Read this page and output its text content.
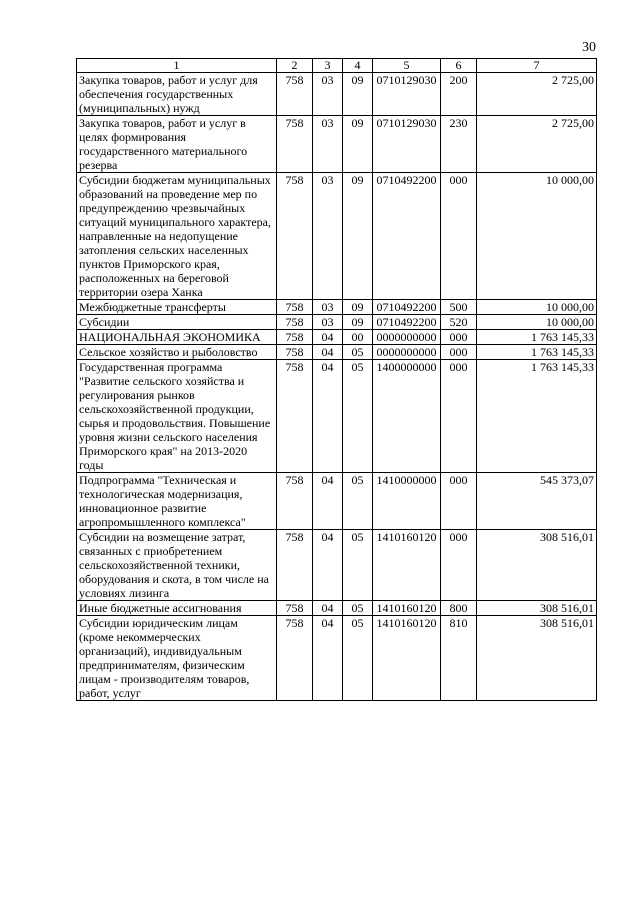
30
1	2	3	4	5	6	7
Закупка товаров, работ и услуг для обеспечения государственных (муниципальных) нужд	758	03	09	0710129030	200	2 725,00
Закупка товаров, работ и услуг в целях формирования государственного материального резерва	758	03	09	0710129030	230	2 725,00
Субсидии бюджетам муниципальных образований на проведение мер по предупреждению чрезвычайных ситуаций муниципального характера, направленные на недопущение затопления сельских населенных пунктов Приморского края, расположенных на береговой территории озера Ханка	758	03	09	0710492200	000	10 000,00
Межбюджетные трансферты	758	03	09	0710492200	500	10 000,00
Субсидии	758	03	09	0710492200	520	10 000,00
НАЦИОНАЛЬНАЯ ЭКОНОМИКА	758	04	00	0000000000	000	1 763 145,33
Сельское хозяйство и рыболовство	758	04	05	0000000000	000	1 763 145,33
Государственная программа "Развитие сельского хозяйства и регулирования рынков сельскохозяйственной продукции, сырья и продовольствия. Повышение уровня жизни сельского населения Приморского края" на 2013-2020 годы	758	04	05	1400000000	000	1 763 145,33
Подпрограмма "Техническая и технологическая модернизация, инновационное развитие агропромышленного комплекса"	758	04	05	1410000000	000	545 373,07
Субсидии на возмещение затрат, связанных с приобретением сельскохозяйственной техники, оборудования и скота, в том числе на условиях лизинга	758	04	05	1410160120	000	308 516,01
Иные бюджетные ассигнования	758	04	05	1410160120	800	308 516,01
Субсидии юридическим лицам (кроме некоммерческих организаций), индивидуальным предпринимателям, физическим лицам - производителям товаров, работ, услуг	758	04	05	1410160120	810	308 516,01
